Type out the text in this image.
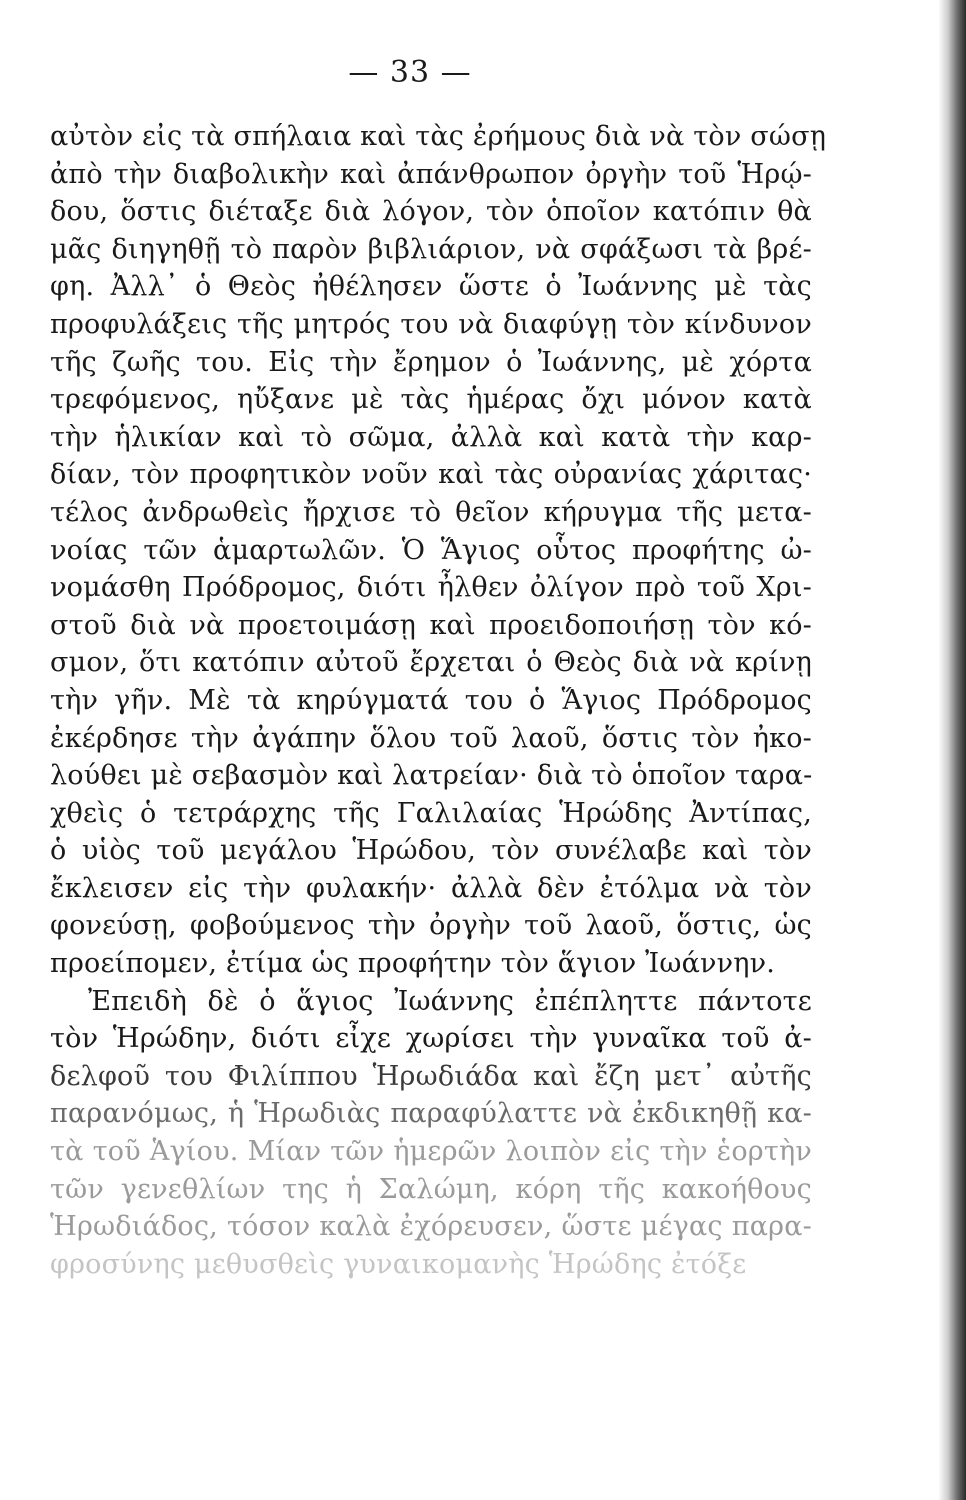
— 33 —
αὐτὸν εἰς τὰ σπήλαια καὶ τὰς ἐρήμους διὰ νὰ τὸν σώσῃ
ἀπὸ τὴν διαβολικὴν καὶ ἀπάνθρωπον ὀργὴν τοῦ Ἡρῴ-
δου, ὅστις διέταξε διὰ λόγον, τὸν ὁποῖον κατόπιν θὰ
μᾶς διηγηθῇ τὸ παρὸν βιβλιάριον, νὰ σφάξωσι τὰ βρέ-
φη. Ἀλλ᾽ ὁ Θεὸς ἠθέλησεν ὥστε ὁ Ἰωάννης μὲ τὰς
προφυλάξεις τῆς μητρός του νὰ διαφύγῃ τὸν κίνδυνον
τῆς ζωῆς του. Εἰς τὴν ἔρημον ὁ Ἰωάννης, μὲ χόρτα
τρεφόμενος, ηὔξανε μὲ τὰς ἡμέρας ὄχι μόνον κατὰ
τὴν ἡλικίαν καὶ τὸ σῶμα, ἀλλὰ καὶ κατὰ τὴν καρ-
δίαν, τὸν προφητικὸν νοῦν καὶ τὰς οὐρανίας χάριτας·
τέλος ἀνδρωθεὶς ἤρχισε τὸ θεῖον κήρυγμα τῆς μετα-
νοίας τῶν ἁμαρτωλῶν. Ὁ Ἅγιος οὗτος προφήτης ὠ-
νομάσθη Πρόδρομος, διότι ἦλθεν ὀλίγον πρὸ τοῦ Χρι-
στοῦ διὰ νὰ προετοιμάσῃ καὶ προειδοποιήσῃ τὸν κό-
σμον, ὅτι κατόπιν αὐτοῦ ἔρχεται ὁ Θεὸς διὰ νὰ κρίνῃ
τὴν γῆν. Μὲ τὰ κηρύγματά του ὁ Ἅγιος Πρόδρομος
ἐκέρδησε τὴν ἀγάπην ὅλου τοῦ λαοῦ, ὅστις τὸν ἠκο-
λούθει μὲ σεβασμὸν καὶ λατρείαν· διὰ τὸ ὁποῖον ταρα-
χθεὶς ὁ τετράρχης τῆς Γαλιλαίας Ἡρώδης Ἀντίπας,
ὁ υἱὸς τοῦ μεγάλου Ἡρώδου, τὸν συνέλαβε καὶ τὸν
ἔκλεισεν εἰς τὴν φυλακήν· ἀλλὰ δὲν ἐτόλμα νὰ τὸν
φονεύσῃ, φοβούμενος τὴν ὀργὴν τοῦ λαοῦ, ὅστις, ὡς
προείπομεν, ἐτίμα ὡς προφήτην τὸν ἅγιον Ἰωάννην.
Ἐπειδὴ δὲ ὁ ἅγιος Ἰωάννης ἐπέπληττε πάντοτε
τὸν Ἡρώδην, διότι εἶχε χωρίσει τὴν γυναῖκα τοῦ ἀ-
δελφοῦ του Φιλίππου Ἡρωδιάδα καὶ ἔζη μετ᾽ αὐτῆς
παρανόμως, ἡ Ἡρωδιὰς παραφύλαττε νὰ ἐκδικηθῇ κα-
τὰ τοῦ Ἁγίου. Μίαν τῶν ἡμερῶν λοιπὸν εἰς τὴν ἑορτὴν
τῶν γενεθλίων της ἡ Σαλώμη, κόρη τῆς κακοήθους
Ἡρωδιάδος, τόσον καλὰ ἐχόρευσεν, ὥστε μέγας παρα-
φροσύνης μεθυσθεὶς γυναικομανὴς Ἡρώδης ἐτόξε
